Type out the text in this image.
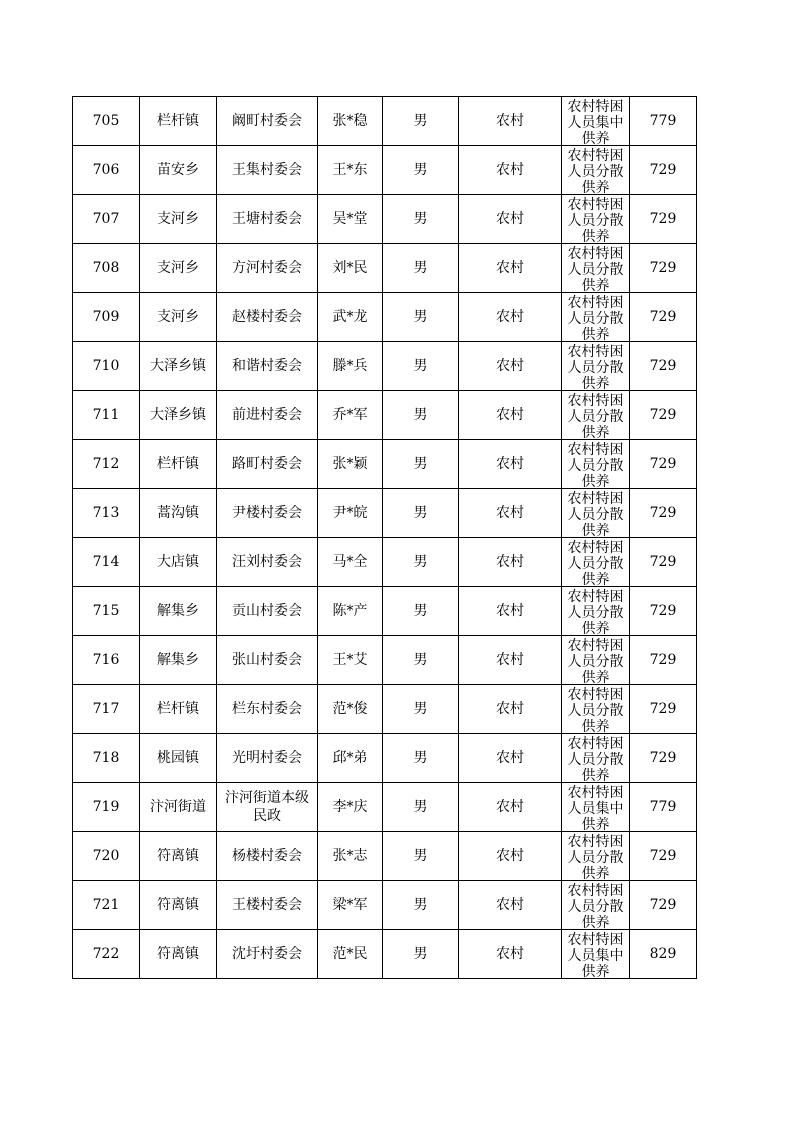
705	栏杆镇	阚町村委会	张*稳	男	农村	农村特困人员集中供养	779
706	苗安乡	王集村委会	王*东	男	农村	农村特困人员分散供养	729
707	支河乡	王塘村委会	吴*堂	男	农村	农村特困人员分散供养	729
708	支河乡	方河村委会	刘*民	男	农村	农村特困人员分散供养	729
709	支河乡	赵楼村委会	武*龙	男	农村	农村特困人员分散供养	729
710	大泽乡镇	和谐村委会	滕*兵	男	农村	农村特困人员分散供养	729
711	大泽乡镇	前进村委会	乔*军	男	农村	农村特困人员分散供养	729
712	栏杆镇	路町村委会	张*颖	男	农村	农村特困人员分散供养	729
713	蒿沟镇	尹楼村委会	尹*皖	男	农村	农村特困人员分散供养	729
714	大店镇	汪刘村委会	马*全	男	农村	农村特困人员分散供养	729
715	解集乡	贡山村委会	陈*产	男	农村	农村特困人员分散供养	729
716	解集乡	张山村委会	王*艾	男	农村	农村特困人员分散供养	729
717	栏杆镇	栏东村委会	范*俊	男	农村	农村特困人员分散供养	729
718	桃园镇	光明村委会	邱*弟	男	农村	农村特困人员分散供养	729
719	汴河街道	汴河街道本级民政	李*庆	男	农村	农村特困人员集中供养	779
720	符离镇	杨楼村委会	张*志	男	农村	农村特困人员分散供养	729
721	符离镇	王楼村委会	梁*军	男	农村	农村特困人员分散供养	729
722	符离镇	沈圩村委会	范*民	男	农村	农村特困人员集中供养	829
